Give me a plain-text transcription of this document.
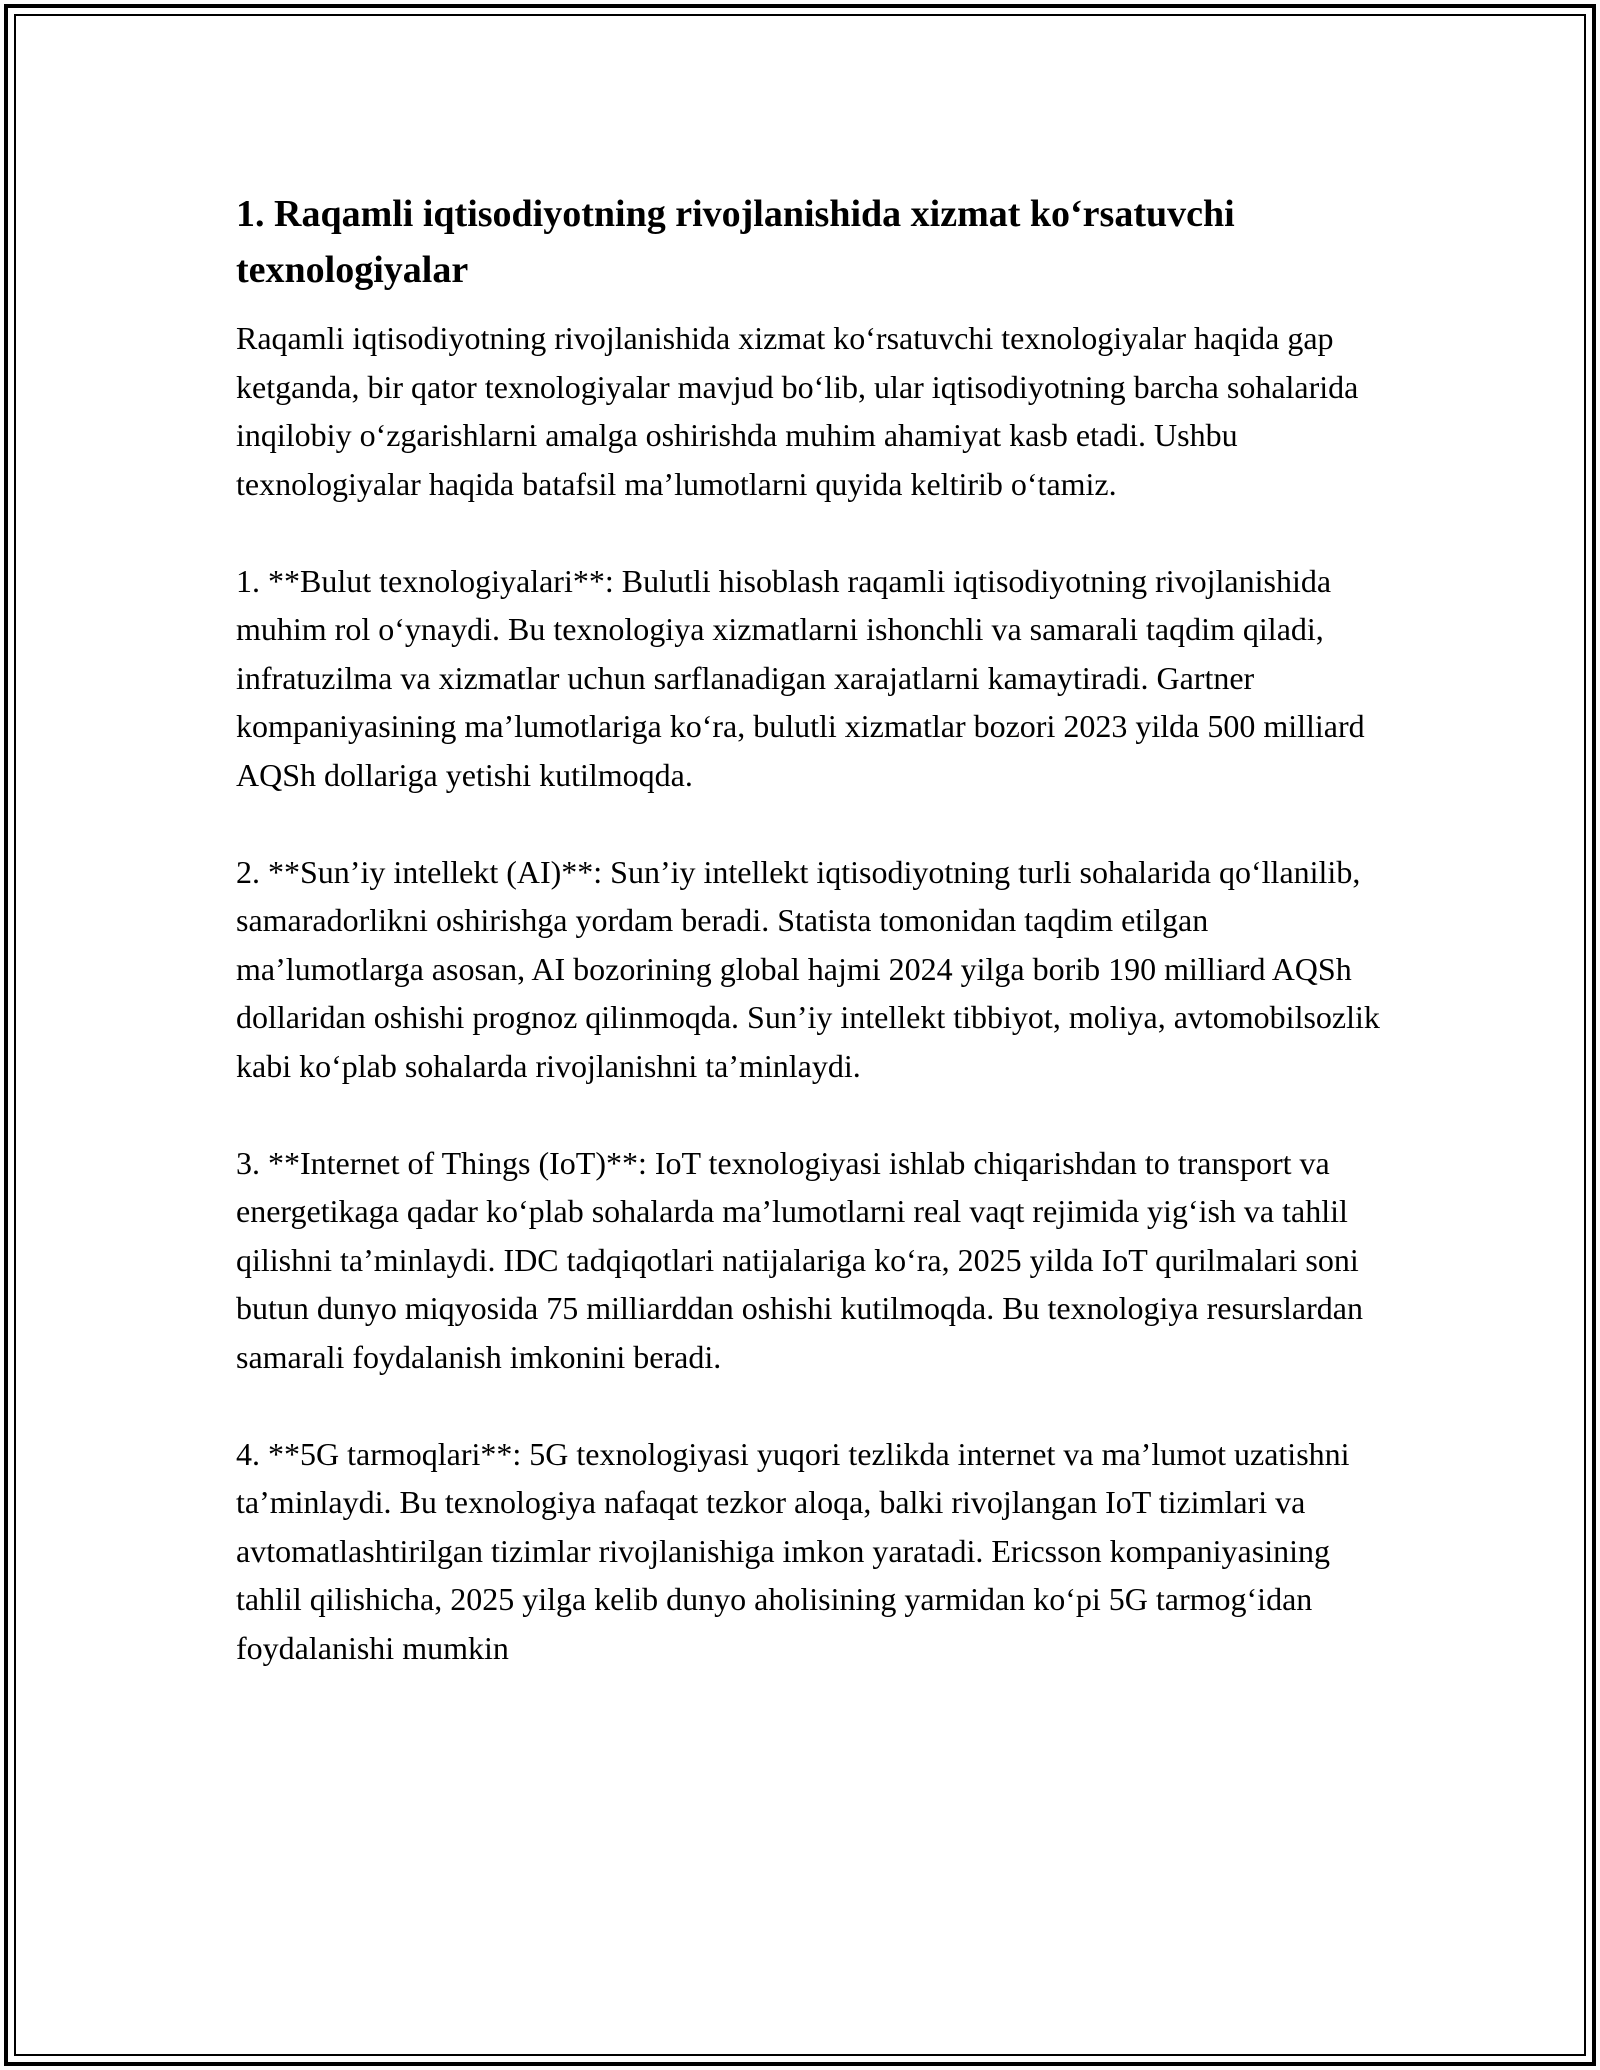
1. Raqamli iqtisodiyotning rivojlanishida xizmat ko‘rsatuvchi texnologiyalar

Raqamli iqtisodiyotning rivojlanishida xizmat ko‘rsatuvchi texnologiyalar haqida gap ketganda, bir qator texnologiyalar mavjud bo‘lib, ular iqtisodiyotning barcha sohalarida inqilobiy o‘zgarishlarni amalga oshirishda muhim ahamiyat kasb etadi. Ushbu texnologiyalar haqida batafsil ma’lumotlarni quyida keltirib o‘tamiz.

1. **Bulut texnologiyalari**: Bulutli hisoblash raqamli iqtisodiyotning rivojlanishida muhim rol o‘ynaydi. Bu texnologiya xizmatlarni ishonchli va samarali taqdim qiladi, infratuzilma va xizmatlar uchun sarflanadigan xarajatlarni kamaytiradi. Gartner kompaniyasining ma’lumotlariga ko‘ra, bulutli xizmatlar bozori 2023 yilda 500 milliard AQSh dollariga yetishi kutilmoqda.

2. **Sun’iy intellekt (AI)**: Sun’iy intellekt iqtisodiyotning turli sohalarida qo‘llanilib, samaradorlikni oshirishga yordam beradi. Statista tomonidan taqdim etilgan ma’lumotlarga asosan, AI bozorining global hajmi 2024 yilga borib 190 milliard AQSh dollaridan oshishi prognoz qilinmoqda. Sun’iy intellekt tibbiyot, moliya, avtomobilsozlik kabi ko‘plab sohalarda rivojlanishni ta’minlaydi.

3. **Internet of Things (IoT)**: IoT texnologiyasi ishlab chiqarishdan to transport va energetikaga qadar ko‘plab sohalarda ma’lumotlarni real vaqt rejimida yig‘ish va tahlil qilishni ta’minlaydi. IDC tadqiqotlari natijalariga ko‘ra, 2025 yilda IoT qurilmalari soni butun dunyo miqyosida 75 milliarddan oshishi kutilmoqda. Bu texnologiya resurslardan samarali foydalanish imkonini beradi.

4. **5G tarmoqlari**: 5G texnologiyasi yuqori tezlikda internet va ma’lumot uzatishni ta’minlaydi. Bu texnologiya nafaqat tezkor aloqa, balki rivojlangan IoT tizimlari va avtomatlashtirilgan tizimlar rivojlanishiga imkon yaratadi. Ericsson kompaniyasining tahlil qilishicha, 2025 yilga kelib dunyo aholisining yarmidan ko‘pi 5G tarmog‘idan foydalanishi mumkin
